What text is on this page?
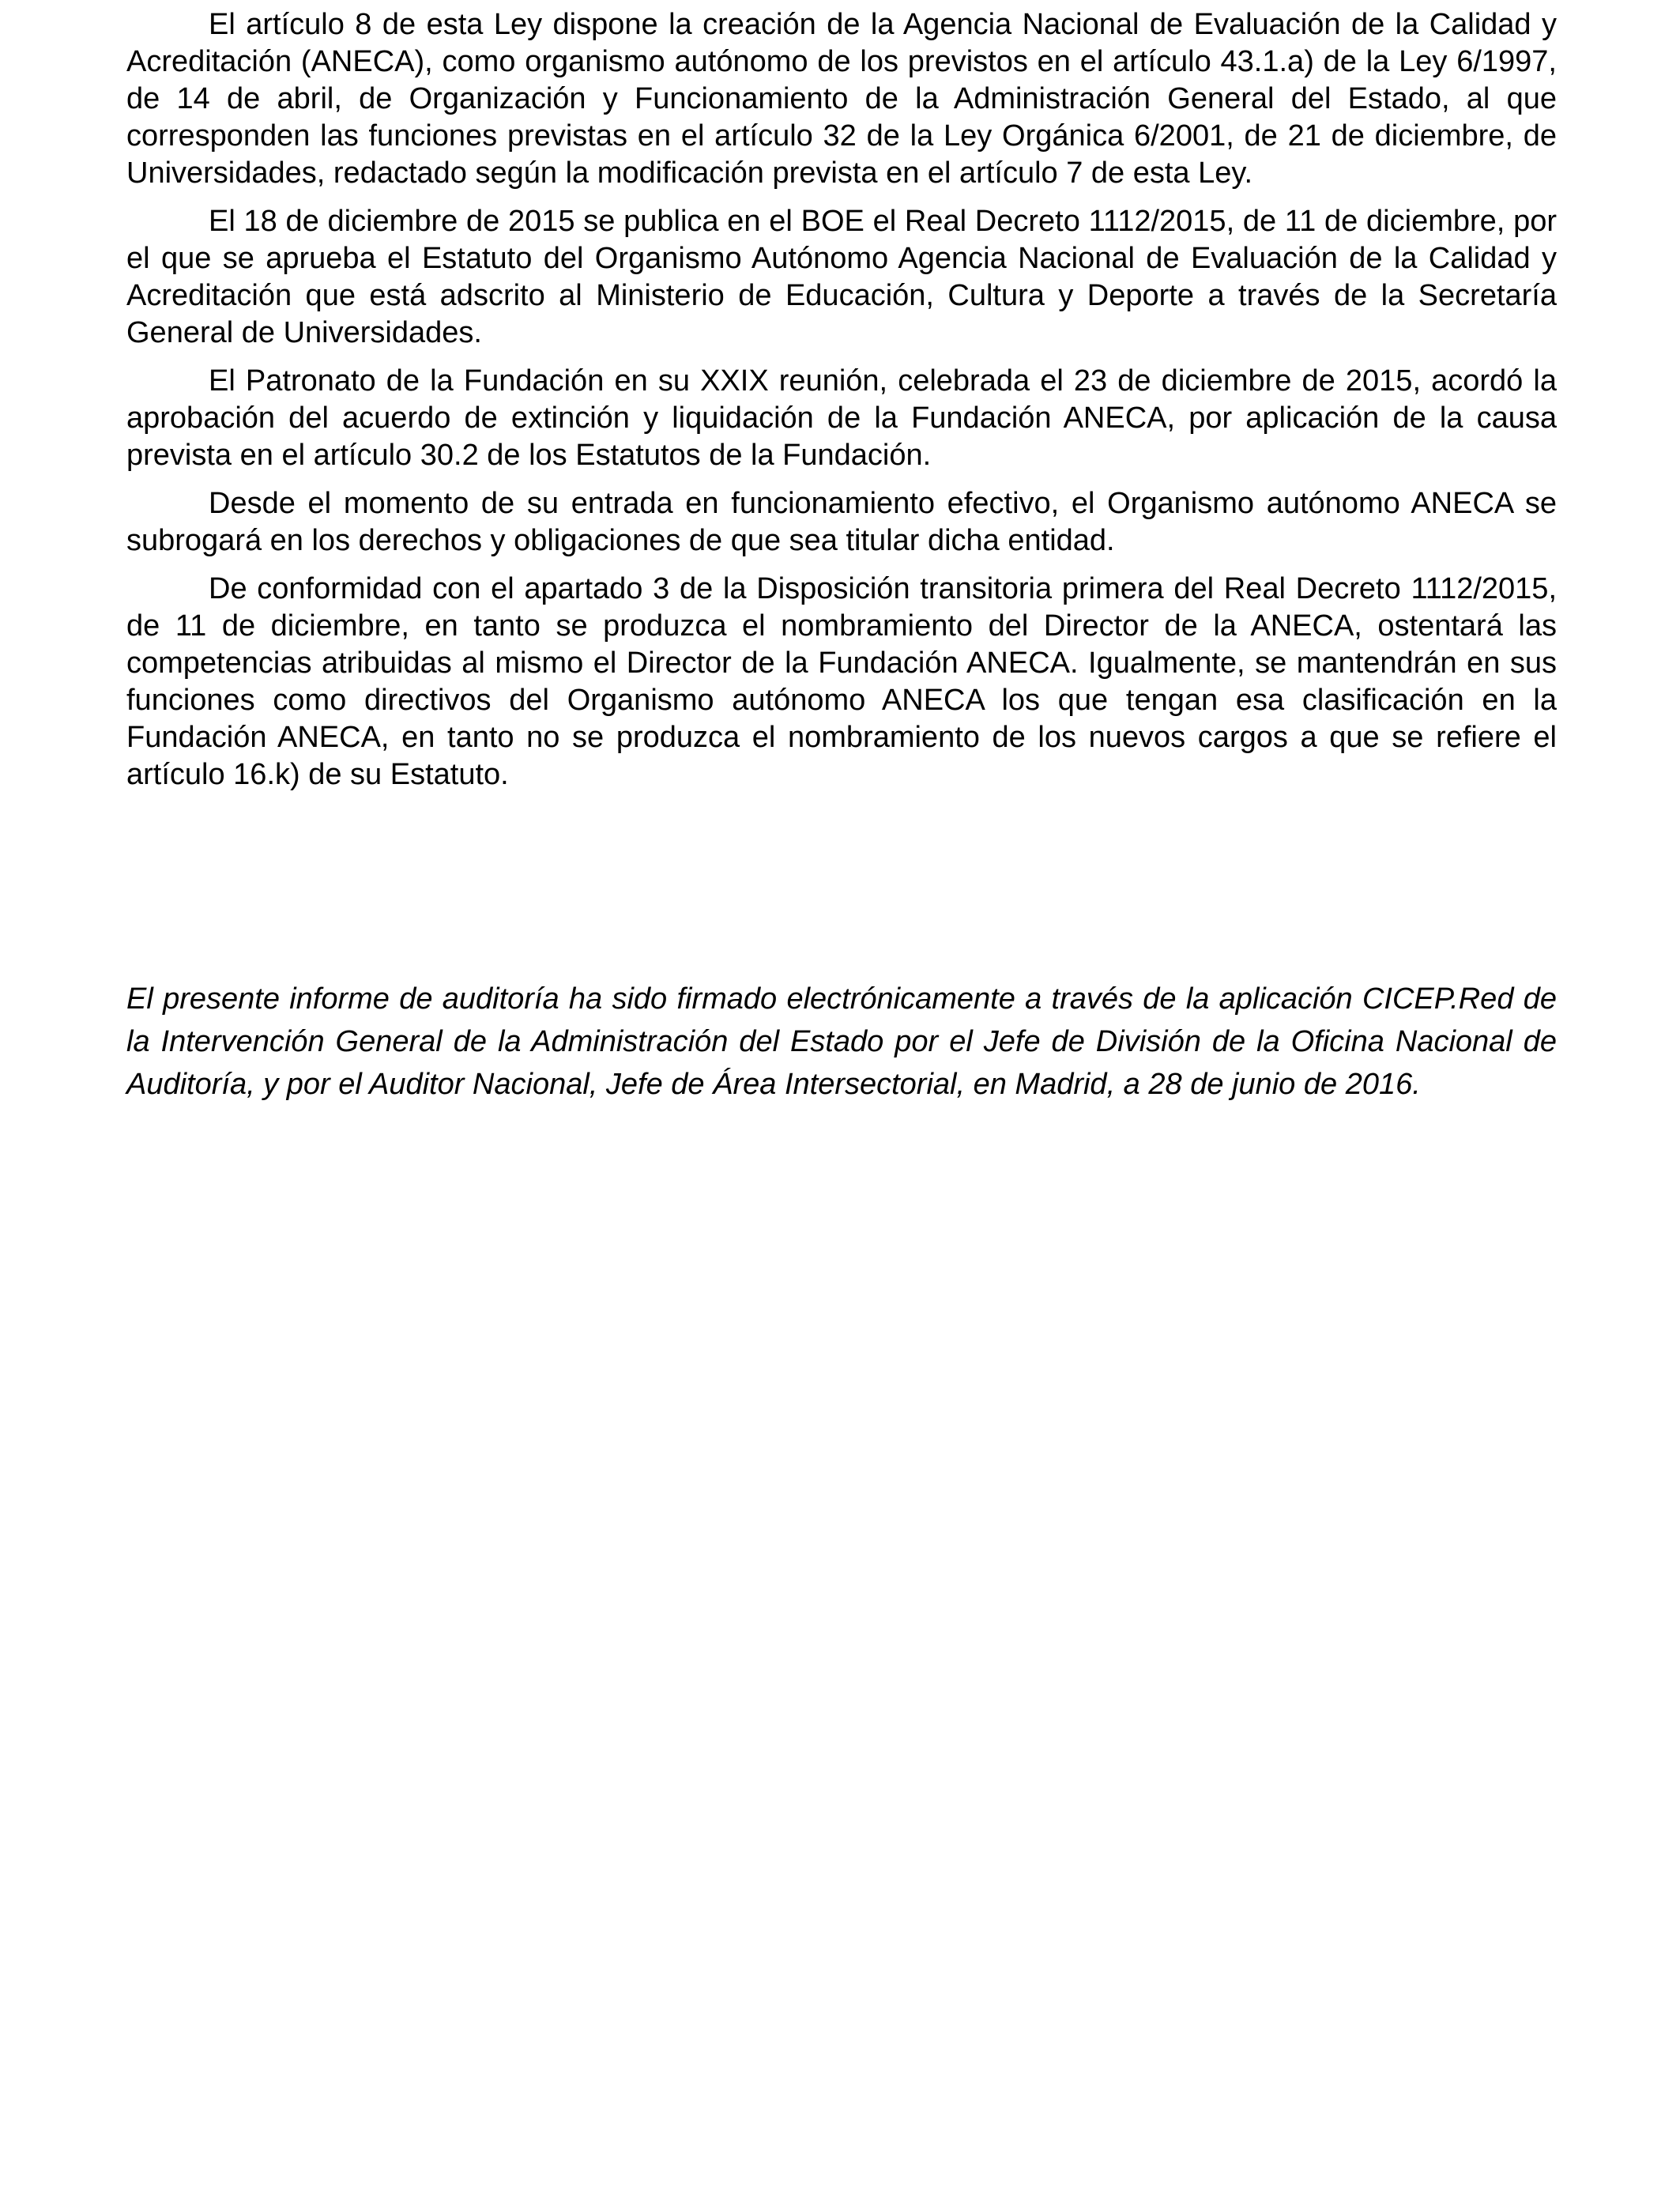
El artículo 8 de esta Ley dispone la creación de la Agencia Nacional de Evaluación de la Calidad y Acreditación (ANECA), como organismo autónomo de los previstos en el artículo 43.1.a) de la Ley 6/1997, de 14 de abril, de Organización y Funcionamiento de la Administración General del Estado, al que corresponden las funciones previstas en el artículo 32 de la Ley Orgánica 6/2001, de 21 de diciembre, de Universidades, redactado según la modificación prevista en el artículo 7 de esta Ley.

El 18 de diciembre de 2015 se publica en el BOE el Real Decreto 1112/2015, de 11 de diciembre, por el que se aprueba el Estatuto del Organismo Autónomo Agencia Nacional de Evaluación de la Calidad y Acreditación que está adscrito al Ministerio de Educación, Cultura y Deporte a través de la Secretaría General de Universidades.

El Patronato de la Fundación en su XXIX reunión, celebrada el 23 de diciembre de 2015, acordó la aprobación del acuerdo de extinción y liquidación de la Fundación ANECA, por aplicación de la causa prevista en el artículo 30.2 de los Estatutos de la Fundación.

Desde el momento de su entrada en funcionamiento efectivo, el Organismo autónomo ANECA se subrogará en los derechos y obligaciones de que sea titular dicha entidad.

De conformidad con el apartado 3 de la Disposición transitoria primera del Real Decreto 1112/2015, de 11 de diciembre, en tanto se produzca el nombramiento del Director de la ANECA, ostentará las competencias atribuidas al mismo el Director de la Fundación ANECA. Igualmente, se mantendrán en sus funciones como directivos del Organismo autónomo ANECA los que tengan esa clasificación en la Fundación ANECA, en tanto no se produzca el nombramiento de los nuevos cargos a que se refiere el artículo 16.k) de su Estatuto.

El presente informe de auditoría ha sido firmado electrónicamente a través de la aplicación CICEP.Red de la Intervención General de la Administración del Estado por el Jefe de División de la Oficina Nacional de Auditoría, y por el Auditor Nacional, Jefe de Área Intersectorial, en Madrid, a 28 de junio de 2016.
